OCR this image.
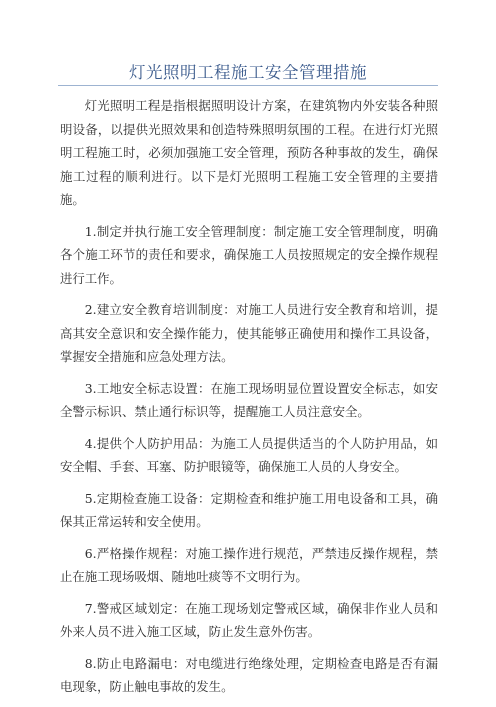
灯光照明工程施工安全管理措施

灯光照明工程是指根据照明设计方案，在建筑物内外安装各种照明设备，以提供光照效果和创造特殊照明氛围的工程。在进行灯光照明工程施工时，必须加强施工安全管理，预防各种事故的发生，确保施工过程的顺利进行。以下是灯光照明工程施工安全管理的主要措施。

1.制定并执行施工安全管理制度：制定施工安全管理制度，明确各个施工环节的责任和要求，确保施工人员按照规定的安全操作规程进行工作。

2.建立安全教育培训制度：对施工人员进行安全教育和培训，提高其安全意识和安全操作能力，使其能够正确使用和操作工具设备，掌握安全措施和应急处理方法。

3.工地安全标志设置：在施工现场明显位置设置安全标志，如安全警示标识、禁止通行标识等，提醒施工人员注意安全。

4.提供个人防护用品：为施工人员提供适当的个人防护用品，如安全帽、手套、耳塞、防护眼镜等，确保施工人员的人身安全。

5.定期检查施工设备：定期检查和维护施工用电设备和工具，确保其正常运转和安全使用。

6.严格操作规程：对施工操作进行规范，严禁违反操作规程，禁止在施工现场吸烟、随地吐痰等不文明行为。

7.警戒区域划定：在施工现场划定警戒区域，确保非作业人员和外来人员不进入施工区域，防止发生意外伤害。

8.防止电路漏电：对电缆进行绝缘处理，定期检查电路是否有漏电现象，防止触电事故的发生。
